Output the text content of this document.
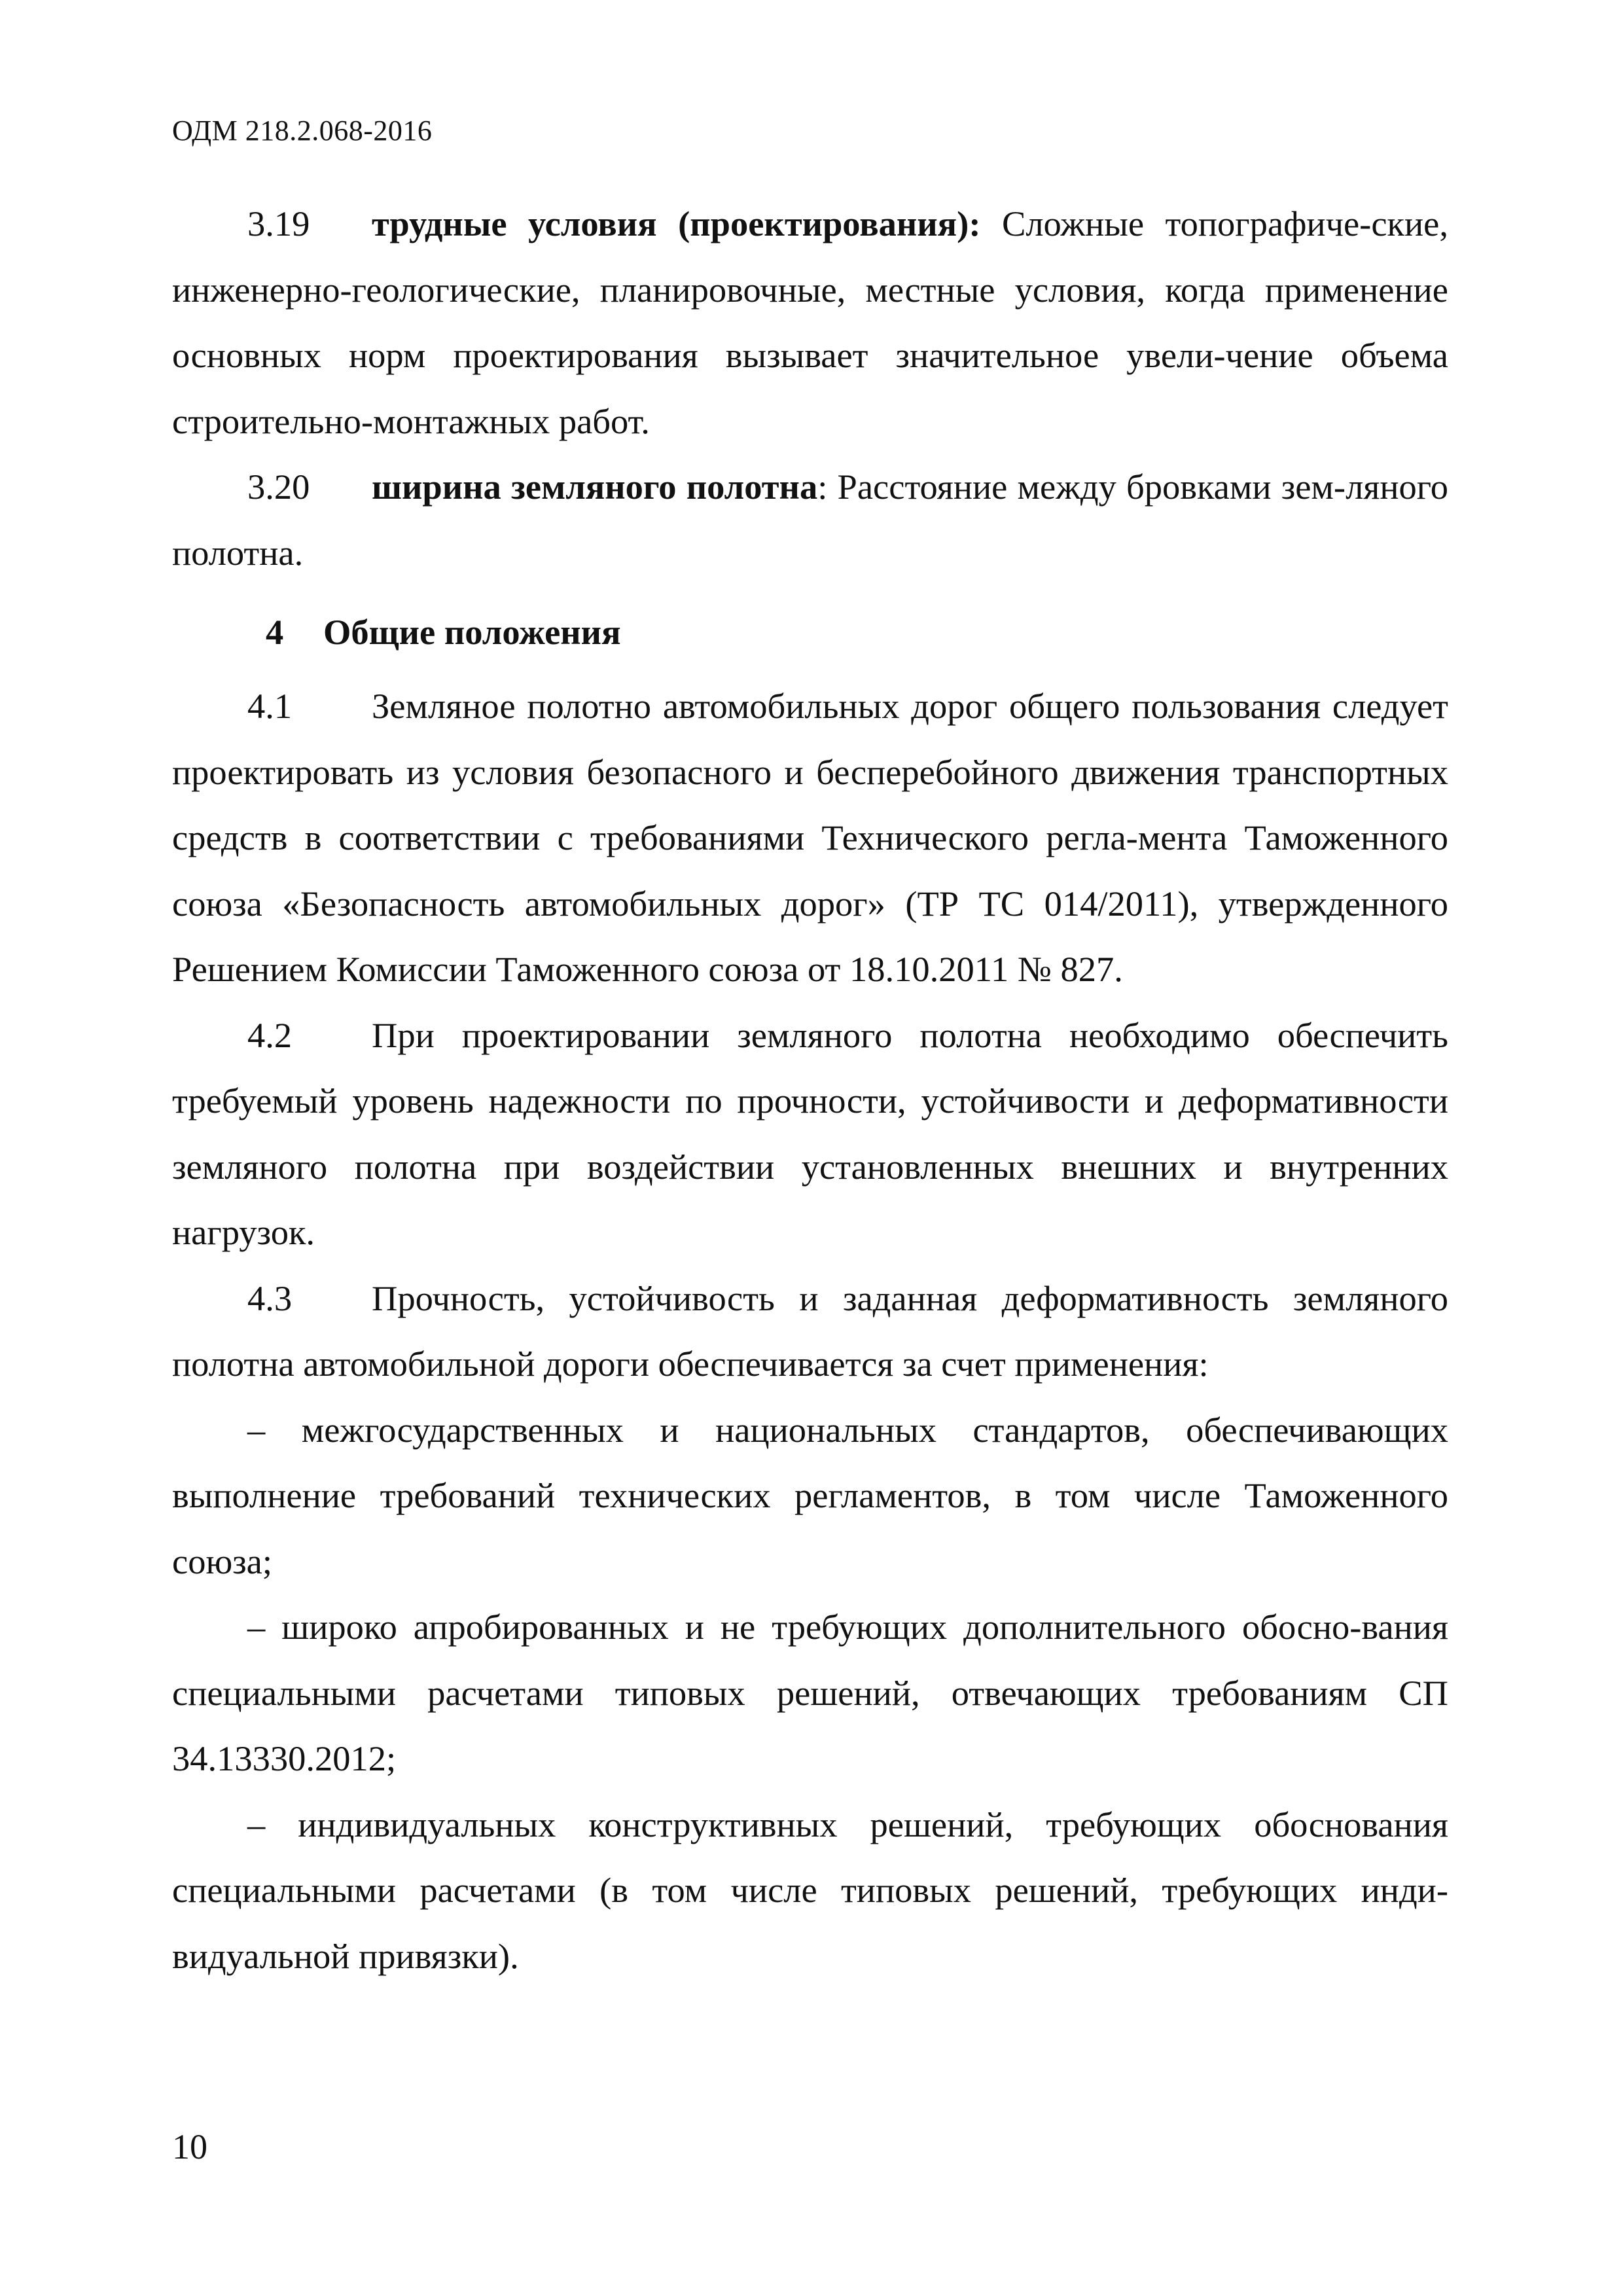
ОДМ 218.2.068-2016

3.19 трудные условия (проектирования): Сложные топографиче-ские, инженерно-геологические, планировочные, местные условия, когда применение основных норм проектирования вызывает значительное увели-чение объема строительно-монтажных работ.

3.20 ширина земляного полотна: Расстояние между бровками зем-ляного полотна.

4 Общие положения

4.1 Земляное полотно автомобильных дорог общего пользования следует проектировать из условия безопасного и бесперебойного движения транспортных средств в соответствии с требованиями Технического регла-мента Таможенного союза «Безопасность автомобильных дорог» (ТР ТС 014/2011), утвержденного Решением Комиссии Таможенного союза от 18.10.2011 № 827.

4.2 При проектировании земляного полотна необходимо обеспечить требуемый уровень надежности по прочности, устойчивости и деформативности земляного полотна при воздействии установленных внешних и внутренних нагрузок.

4.3 Прочность, устойчивость и заданная деформативность земляного полотна автомобильной дороги обеспечивается за счет применения:

– межгосударственных и национальных стандартов, обеспечивающих выполнение требований технических регламентов, в том числе Таможенного союза;

– широко апробированных и не требующих дополнительного обосно-вания специальными расчетами типовых решений, отвечающих требованиям СП 34.13330.2012;

– индивидуальных конструктивных решений, требующих обоснования специальными расчетами (в том числе типовых решений, требующих инди-видуальной привязки).

10
